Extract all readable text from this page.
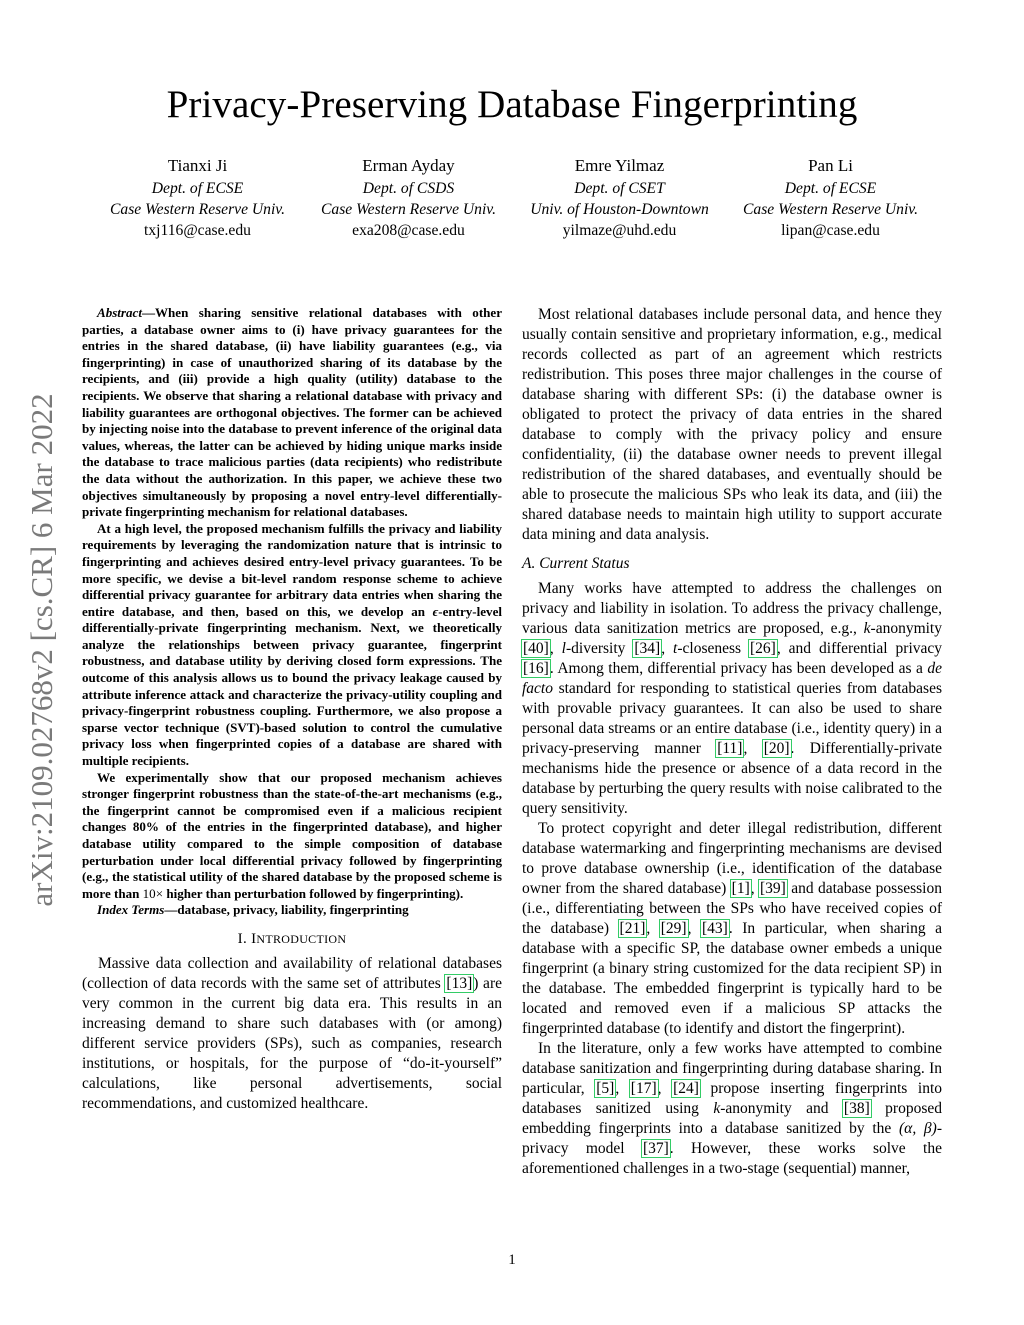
arXiv:2109.02768v2 [cs.CR] 6 Mar 2022
Privacy-Preserving Database Fingerprinting
Tianxi Ji
Dept. of ECSE
Case Western Reserve Univ.
txj116@case.edu
Erman Ayday
Dept. of CSDS
Case Western Reserve Univ.
exa208@case.edu
Emre Yilmaz
Dept. of CSET
Univ. of Houston-Downtown
yilmaze@uhd.edu
Pan Li
Dept. of ECSE
Case Western Reserve Univ.
lipan@case.edu

Abstract—When sharing sensitive relational databases with other parties, a database owner aims to (i) have privacy guarantees for the entries in the shared database, (ii) have liability guarantees (e.g., via fingerprinting) in case of unauthorized sharing of its database by the recipients, and (iii) provide a high quality (utility) database to the recipients. We observe that sharing a relational database with privacy and liability guarantees are orthogonal objectives. The former can be achieved by injecting noise into the database to prevent inference of the original data values, whereas, the latter can be achieved by hiding unique marks inside the database to trace malicious parties (data recipients) who redistribute the data without the authorization. In this paper, we achieve these two objectives simultaneously by proposing a novel entry-level differentially-private fingerprinting mechanism for relational databases.

At a high level, the proposed mechanism fulfills the privacy and liability requirements by leveraging the randomization nature that is intrinsic to fingerprinting and achieves desired entry-level privacy guarantees. To be more specific, we devise a bit-level random response scheme to achieve differential privacy guarantee for arbitrary data entries when sharing the entire database, and then, based on this, we develop an ϵ-entry-level differentially-private fingerprinting mechanism. Next, we theoretically analyze the relationships between privacy guarantee, fingerprint robustness, and database utility by deriving closed form expressions. The outcome of this analysis allows us to bound the privacy leakage caused by attribute inference attack and characterize the privacy-utility coupling and privacy-fingerprint robustness coupling. Furthermore, we also propose a sparse vector technique (SVT)-based solution to control the cumulative privacy loss when fingerprinted copies of a database are shared with multiple recipients.

We experimentally show that our proposed mechanism achieves stronger fingerprint robustness than the state-of-the-art mechanisms (e.g., the fingerprint cannot be compromised even if a malicious recipient changes 80% of the entries in the fingerprinted database), and higher database utility compared to the simple composition of database perturbation under local differential privacy followed by fingerprinting (e.g., the statistical utility of the shared database by the proposed scheme is more than 10× higher than perturbation followed by fingerprinting).

Index Terms—database, privacy, liability, fingerprinting

I. INTRODUCTION

Massive data collection and availability of relational databases (collection of data records with the same set of attributes [13]) are very common in the current big data era. This results in an increasing demand to share such databases with (or among) different service providers (SPs), such as companies, research institutions, or hospitals, for the purpose of “do-it-yourself” calculations, like personal advertisements, social recommendations, and customized healthcare.

Most relational databases include personal data, and hence they usually contain sensitive and proprietary information, e.g., medical records collected as part of an agreement which restricts redistribution. This poses three major challenges in the course of database sharing with different SPs: (i) the database owner is obligated to protect the privacy of data entries in the shared database to comply with the privacy policy and ensure confidentiality, (ii) the database owner needs to prevent illegal redistribution of the shared databases, and eventually should be able to prosecute the malicious SPs who leak its data, and (iii) the shared database needs to maintain high utility to support accurate data mining and data analysis.

A. Current Status

Many works have attempted to address the challenges on privacy and liability in isolation. To address the privacy challenge, various data sanitization metrics are proposed, e.g., k-anonymity [40], l-diversity [34], t-closeness [26], and differential privacy [16]. Among them, differential privacy has been developed as a de facto standard for responding to statistical queries from databases with provable privacy guarantees. It can also be used to share personal data streams or an entire database (i.e., identity query) in a privacy-preserving manner [11], [20]. Differentially-private mechanisms hide the presence or absence of a data record in the database by perturbing the query results with noise calibrated to the query sensitivity.

To protect copyright and deter illegal redistribution, different database watermarking and fingerprinting mechanisms are devised to prove database ownership (i.e., identification of the database owner from the shared database) [1], [39] and database possession (i.e., differentiating between the SPs who have received copies of the database) [21], [29], [43]. In particular, when sharing a database with a specific SP, the database owner embeds a unique fingerprint (a binary string customized for the data recipient SP) in the database. The embedded fingerprint is typically hard to be located and removed even if a malicious SP attacks the fingerprinted database (to identify and distort the fingerprint).

In the literature, only a few works have attempted to combine database sanitization and fingerprinting during database sharing. In particular, [5], [17], [24] propose inserting fingerprints into databases sanitized using k-anonymity and [38] proposed embedding fingerprints into a database sanitized by the (α, β)-privacy model [37]. However, these works solve the aforementioned challenges in a two-stage (sequential) manner,

1
